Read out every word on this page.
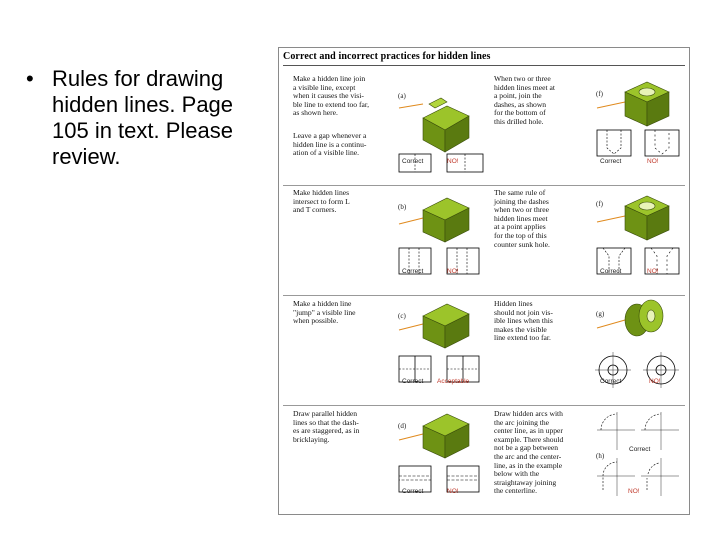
• Rules for drawing
hidden lines. Page
105 in text. Please
review.
Correct and incorrect practices for hidden lines
Make a hidden line join
a visible line, except
when it causes the visi-
ble line to extend too far,
as shown here.
Leave a gap whenever a
hidden line is a continu-
ation of a visible line.
(a)
Correct	NO!
Make hidden lines
intersect to form L
and T corners.	(b)
Correct	NO!
Make a hidden line
"jump" a visible line
when possible.
(c)
Correct Acceptable
Draw parallel hidden
lines so that the dash-
es are staggered, as in
bricklaying.
(d)
Correct	NO!
When two or three
hidden lines meet at
a point, join the
dashes, as shown
for the bottom of
this drilled hole.
(f)
Correct	NO!
The same rule of
joining the dashes
when two or three
hidden lines meet
at a point applies
for the top of this
counter sunk hole.
(f)
Correct	NO!
Hidden lines
should not join vis-
ible lines when this
makes the visible
line extend too far.
(g)
Correct	NO!
Draw hidden arcs with
the arc joining the
center line, as in upper
example. There should
not be a gap between
the arc and the center-
line, as in the example
below with the
straightaway joining
the centerline.
(h)
Correct
NO!
